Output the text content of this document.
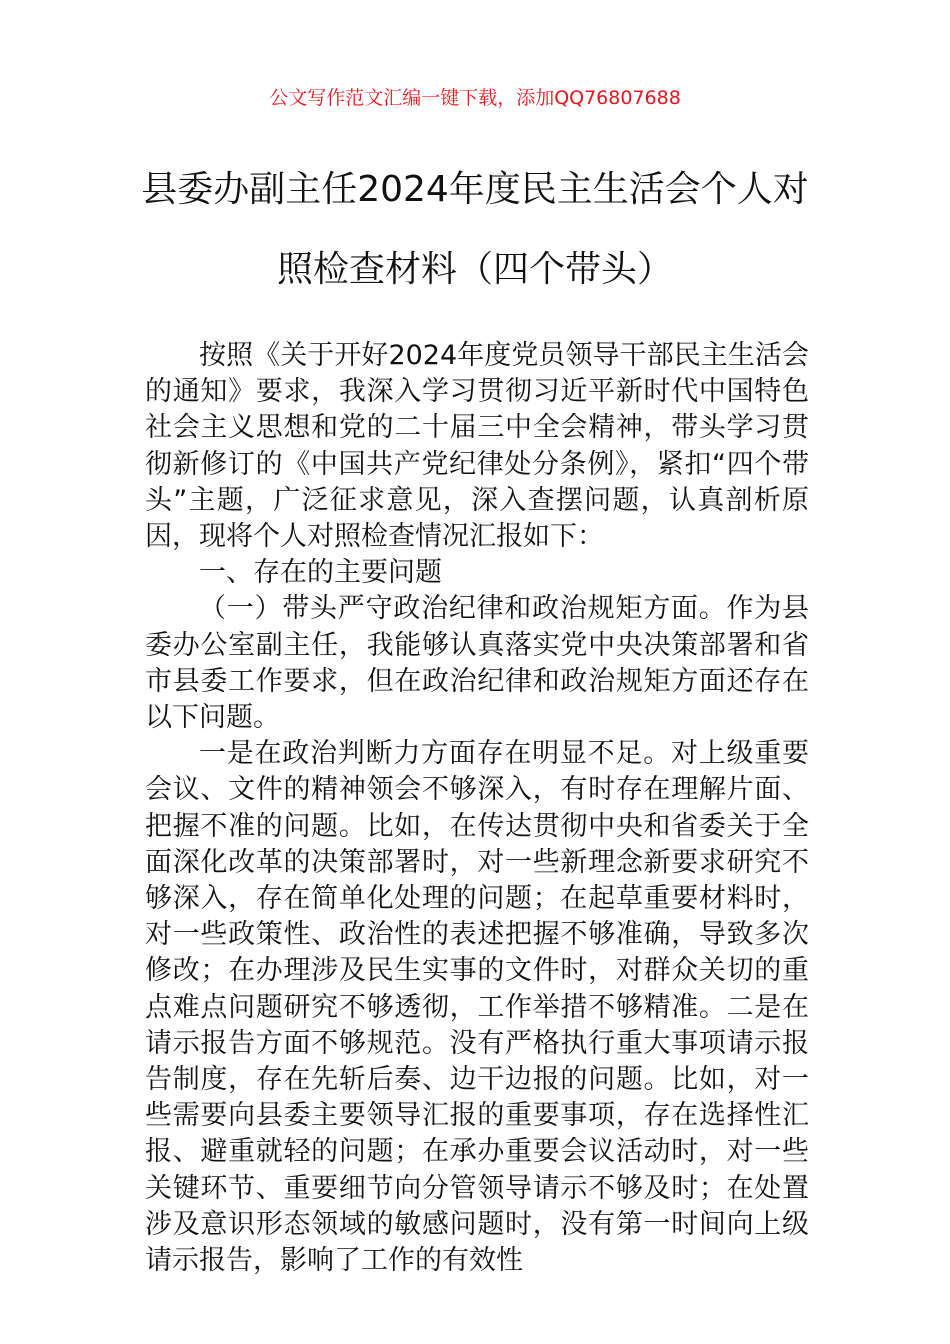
公文写作范文汇编一键下载，添加QQ76807688
县委办副主任2024年度民主生活会个人对
照检查材料（四个带头）

按照《关于开好2024年度党员领导干部民主生活会的通知》要求，我深入学习贯彻习近平新时代中国特色社会主义思想和党的二十届三中全会精神，带头学习贯彻新修订的《中国共产党纪律处分条例》，紧扣“四个带头”主题，广泛征求意见，深入查摆问题，认真剖析原因，现将个人对照检查情况汇报如下：

一、存在的主要问题

（一）带头严守政治纪律和政治规矩方面。作为县委办公室副主任，我能够认真落实党中央决策部署和省市县委工作要求，但在政治纪律和政治规矩方面还存在以下问题。

一是在政治判断力方面存在明显不足。对上级重要会议、文件的精神领会不够深入，有时存在理解片面、把握不准的问题。比如，在传达贯彻中央和省委关于全面深化改革的决策部署时，对一些新理念新要求研究不够深入，存在简单化处理的问题；在起草重要材料时，对一些政策性、政治性的表述把握不够准确，导致多次修改；在办理涉及民生实事的文件时，对群众关切的重点难点问题研究不够透彻，工作举措不够精准。二是在请示报告方面不够规范。没有严格执行重大事项请示报告制度，存在先斩后奏、边干边报的问题。比如，对一些需要向县委主要领导汇报的重要事项，存在选择性汇报、避重就轻的问题；在承办重要会议活动时，对一些关键环节、重要细节向分管领导请示不够及时；在处置涉及意识形态领域的敏感问题时，没有第一时间向上级请示报告，影响了工作的有效性
